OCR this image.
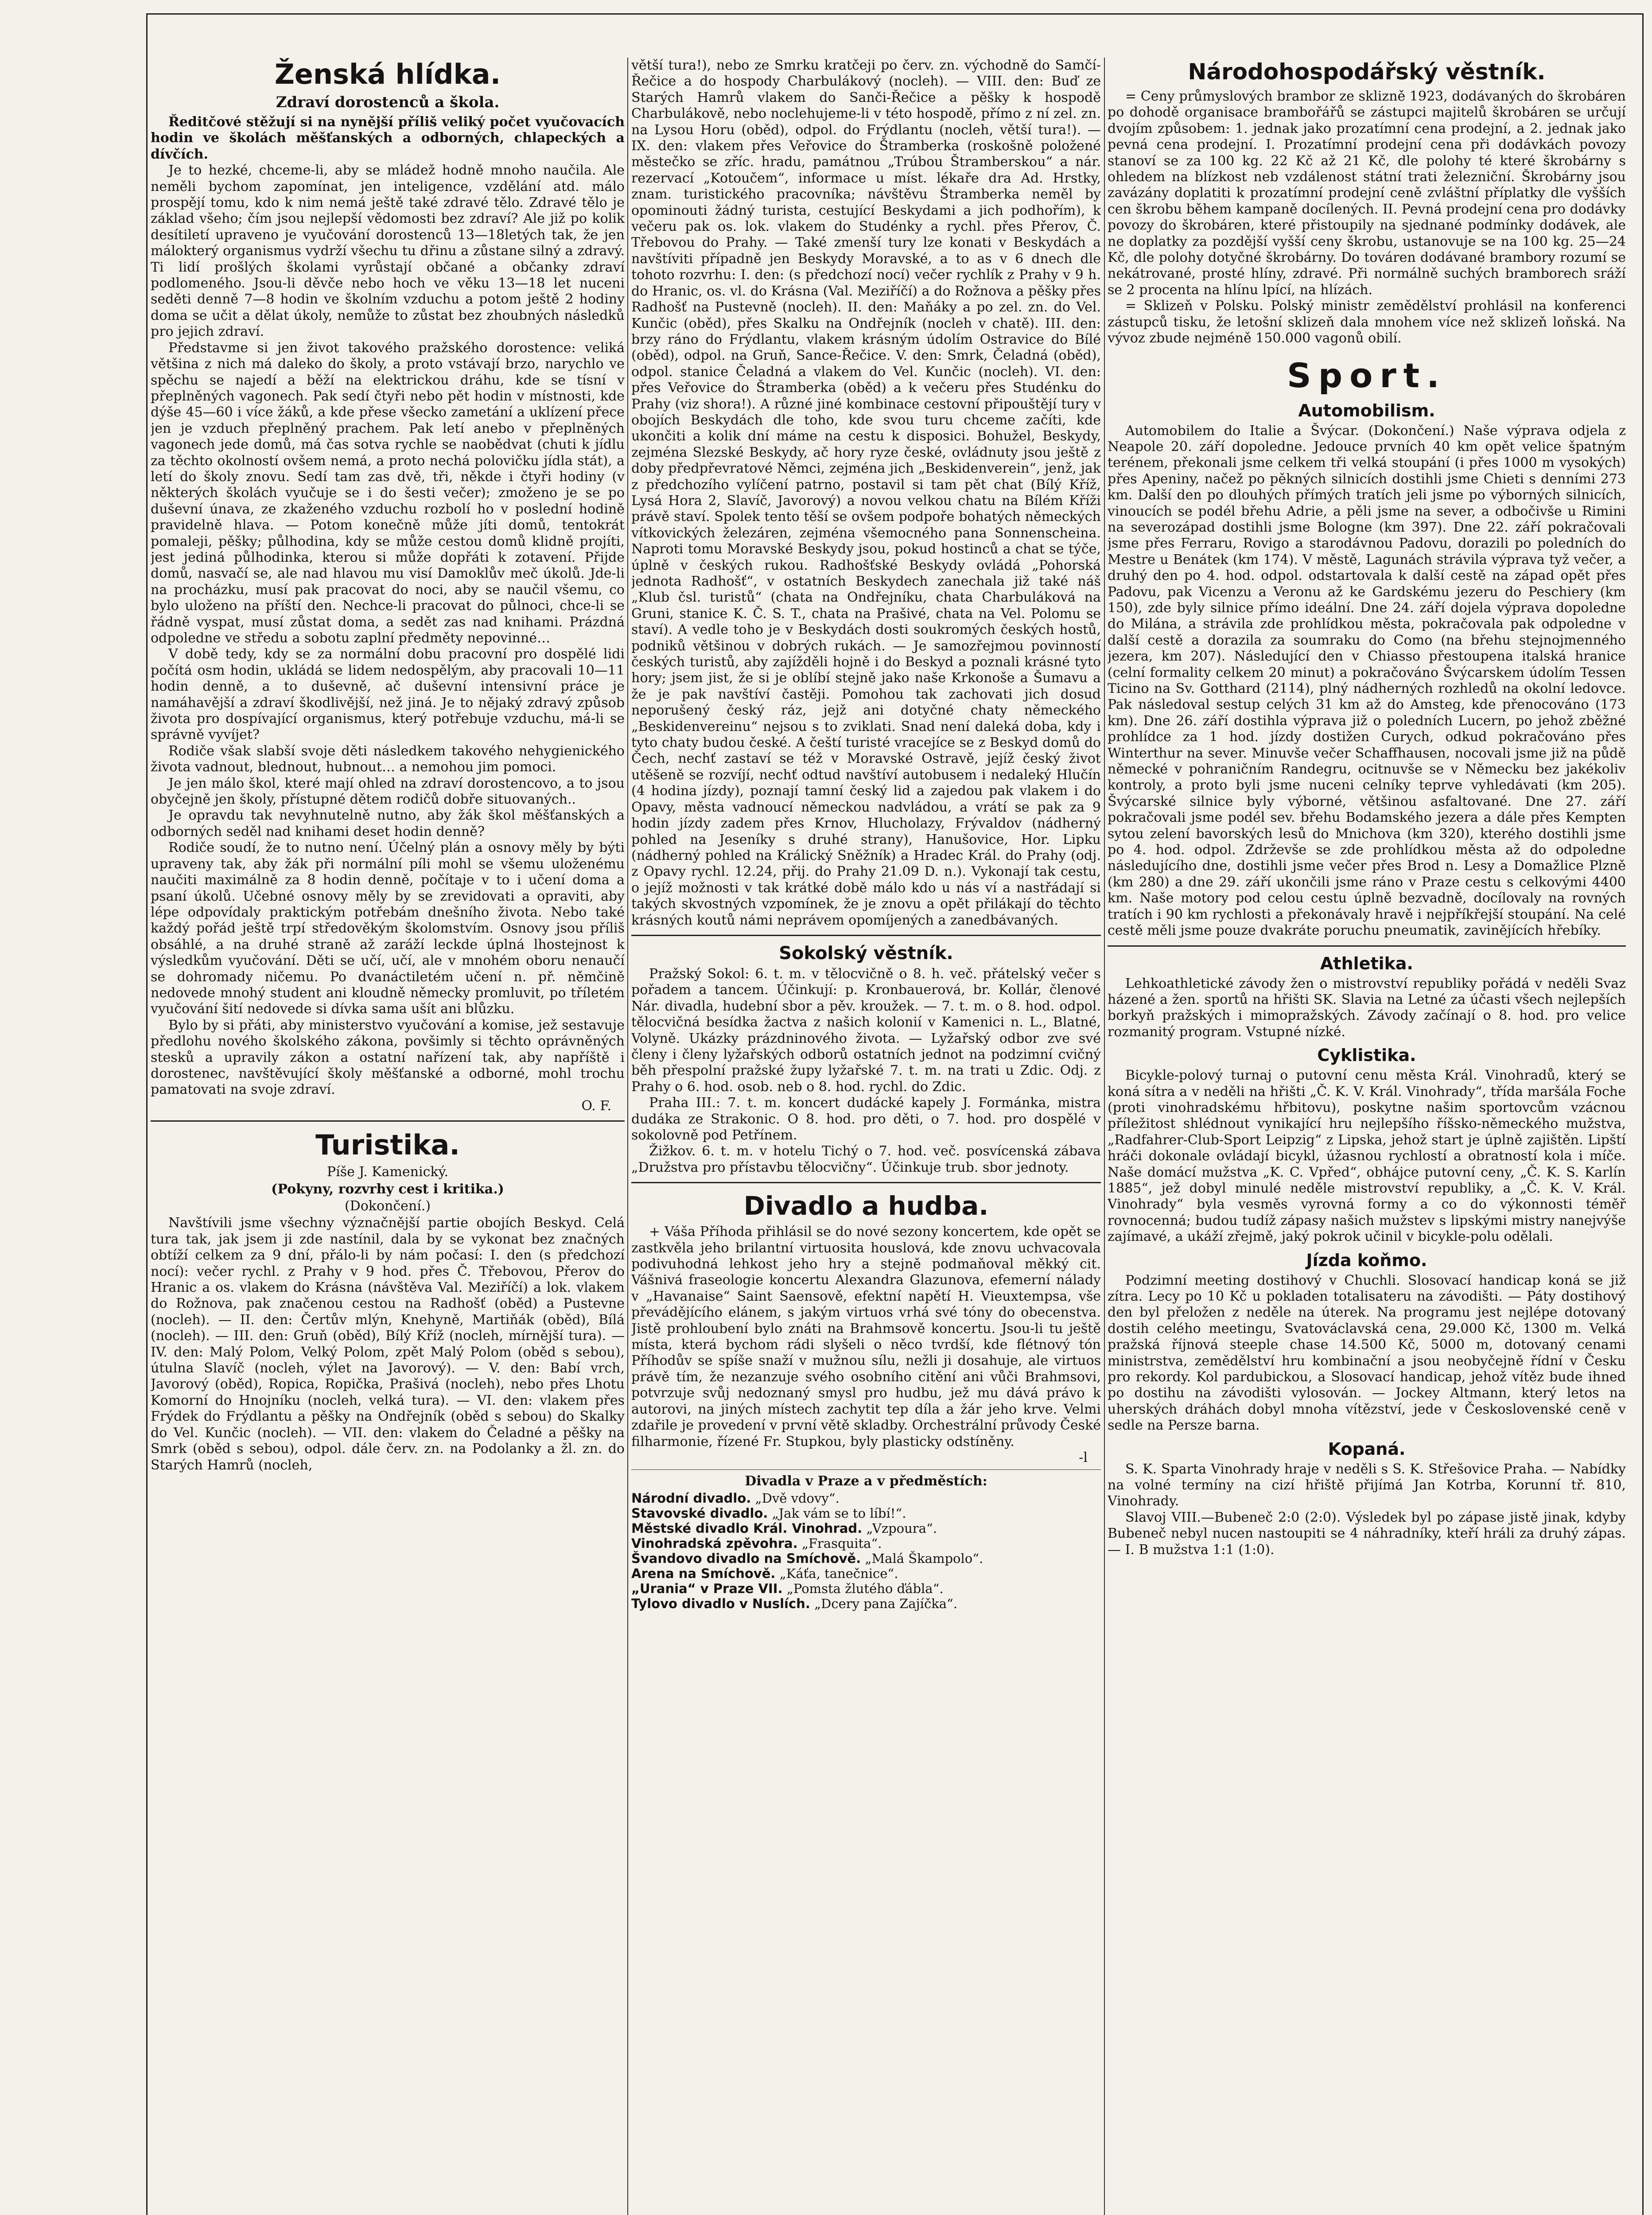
Ženská hlídka.
Zdraví dorostenců a škola.

Ředitčové stěžují si na nynější příliš veliký počet vyučovacích hodin ve školách měšťanských a odborných, chlapeckých a dívčích.

Je to hezké, chceme-li, aby se mládež hodně mnoho naučila. Ale neměli bychom zapomínat, jen inteligence, vzdělání atd. málo prospějí tomu, kdo k nim nemá ještě také zdravé tělo. Zdravé tělo je základ všeho; čím jsou nejlepší vědomosti bez zdraví? Ale již po kolik desítiletí upraveno je vyučování dorostenců 13—18letých tak, že jen málokterý organismus vydrží všechu tu dřinu a zůstane silný a zdravý. Ti lidí prošlých školami vyrůstají občané a občanky zdraví podlomeného. Jsou-li děvče nebo hoch ve věku 13—18 let nuceni seděti denně 7—8 hodin ve školním vzduchu a potom ještě 2 hodiny doma se učit a dělat úkoly, nemůže to zůstat bez zhoubných následků pro jejich zdraví.

Představme si jen život takového pražského dorostence: veliká většina z nich má daleko do školy, a proto vstávají brzo, narychlo ve spěchu se najedí a běží na elektrickou dráhu, kde se tísní v přeplněných vagonech. Pak sedí čtyři nebo pět hodin v místnosti, kde dýše 45—60 i více žáků, a kde přese všecko zametání a uklízení přece jen je vzduch přeplněný prachem. Pak letí anebo v přeplněných vagonech jede domů, má čas sotva rychle se naobědvat (chuti k jídlu za těchto okolností ovšem nemá, a proto nechá polovičku jídla stát), a letí do školy znovu. Sedí tam zas dvě, tři, někde i čtyři hodiny (v některých školách vyučuje se i do šesti večer); zmoženo je se po duševní únava, ze zkaženého vzduchu rozbolí ho v poslední hodině pravidelně hlava. — Potom konečně může jíti domů, tentokrát pomaleji, pěšky; půlhodina, kdy se může cestou domů klidně projíti, jest jediná půlhodinka, kterou si může dopřáti k zotavení. Přijde domů, nasvačí se, ale nad hlavou mu visí Damoklův meč úkolů. Jde-li na procházku, musí pak pracovat do noci, aby se naučil všemu, co bylo uloženo na příští den. Nechce-li pracovat do půlnoci, chce-li se řádně vyspat, musí zůstat doma, a sedět zas nad knihami. Prázdná odpoledne ve středu a sobotu zaplní předměty nepovinné…

V době tedy, kdy se za normální dobu pracovní pro dospělé lidi počítá osm hodin, ukládá se lidem nedospělým, aby pracovali 10—11 hodin denně, a to duševně, ač duševní intensivní práce je namáhavější a zdraví škodlivější, než jiná. Je to nějaký zdravý způsob života pro dospívající organismus, který potřebuje vzduchu, má-li se správně vyvíjet?

Rodiče však slabší svoje děti následkem takového nehygienického života vadnout, blednout, hubnout… a nemohou jim pomoci.

Je jen málo škol, které mají ohled na zdraví dorostencovo, a to jsou obyčejně jen školy, přístupné dětem rodičů dobře situovaných..

Je opravdu tak nevyhnutelně nutno, aby žák škol měšťanských a odborných seděl nad knihami deset hodin denně?

Rodiče soudí, že to nutno není. Účelný plán a osnovy měly by býti upraveny tak, aby žák při normální píli mohl se všemu uloženému naučiti maximálně za 8 hodin denně, počítaje v to i učení doma a psaní úkolů. Učebné osnovy měly by se zrevidovati a opraviti, aby lépe odpovídaly praktickým potřebám dnešního života. Nebo také každý pořád ještě trpí středověkým školomstvím. Osnovy jsou příliš obsáhlé, a na druhé straně až zaráží leckde úplná lhostejnost k výsledkům vyučování. Děti se učí, učí, ale v mnohém oboru nenaučí se dohromady ničemu. Po dvanáctiletém učení n. př. němčině nedovede mnohý student ani kloudně německy promluvit, po tříletém vyučování šití nedovede si dívka sama ušít ani blůzku.

Bylo by si přáti, aby ministerstvo vyučování a komise, jež sestavuje předlohu nového školského zákona, povšimly si těchto oprávněných stesků a upravily zákon a ostatní nařízení tak, aby napříště i dorostenec, navštěvující školy měšťanské a odborné, mohl trochu pamatovati na svoje zdraví.

O. F.
Turistika.
Píše J. Kamenický.
(Pokyny, rozvrhy cest i kritika.)
(Dokončení.)

Navštívili jsme všechny význačnější partie obojích Beskyd. Celá tura tak, jak jsem ji zde nastínil, dala by se vykonat bez značných obtíží celkem za 9 dní, přálo-li by nám počasí: I. den (s předchozí nocí): večer rychl. z Prahy v 9 hod. přes Č. Třebovou, Přerov do Hranic a os. vlakem do Krásna (návštěva Val. Meziříčí) a lok. vlakem do Rožnova, pak značenou cestou na Radhošť (oběd) a Pustevne (nocleh). — II. den: Čertův mlýn, Knehyně, Martiňák (oběd), Bílá (nocleh). — III. den: Gruň (oběd), Bílý Kříž (nocleh, mírnější tura). — IV. den: Malý Polom, Velký Polom, zpět Malý Polom (oběd s sebou), útulna Slavíč (nocleh, výlet na Javorový). — V. den: Babí vrch, Javorový (oběd), Ropica, Ropička, Prašivá (nocleh), nebo přes Lhotu Komorní do Hnojníku (nocleh, velká tura). — VI. den: vlakem přes Frýdek do Frýdlantu a pěšky na Ondřejník (oběd s sebou) do Skalky do Vel. Kunčic (nocleh). — VII. den: vlakem do Čeladné a pěšky na Smrk (oběd s sebou), odpol. dále červ. zn. na Podolanky a žl. zn. do Starých Hamrů (nocleh,

větší tura!), nebo ze Smrku kratčeji po červ. zn. východně do Samčí-Řečice a do hospody Charbulákový (nocleh). — VIII. den: Buď ze Starých Hamrů vlakem do Sanči-Řečice a pěšky k hospodě Charbulákově, nebo noclehujeme-li v této hospodě, přímo z ní zel. zn. na Lysou Horu (oběd), odpol. do Frýdlantu (nocleh, větší tura!). — IX. den: vlakem přes Veřovice do Štramberka (roskošně položené městečko se zříc. hradu, památnou „Trúbou Štramberskou“ a nár. rezervací „Kotoučem“, informace u míst. lékaře dra Ad. Hrstky, znam. turistického pracovníka; návštěvu Štramberka neměl by opominouti žádný turista, cestující Beskydami a jich podhořím), k večeru pak os. lok. vlakem do Studénky a rychl. přes Přerov, Č. Třebovou do Prahy. — Také zmenší tury lze konati v Beskydách a navštíviti případně jen Beskydy Moravské, a to as v 6 dnech dle tohoto rozvrhu: I. den: (s předchozí nocí) večer rychlík z Prahy v 9 h. do Hranic, os. vl. do Krásna (Val. Meziříčí) a do Rožnova a pěšky přes Radhošť na Pustevně (nocleh). II. den: Maňáky a po zel. zn. do Vel. Kunčic (oběd), přes Skalku na Ondřejník (nocleh v chatě). III. den: brzy ráno do Frýdlantu, vlakem krásným údolím Ostravice do Bílé (oběd), odpol. na Gruň, Sance-Řečice. V. den: Smrk, Čeladná (oběd), odpol. stanice Čeladná a vlakem do Vel. Kunčic (nocleh). VI. den: přes Veřovice do Štramberka (oběd) a k večeru přes Studénku do Prahy (viz shora!). A různé jiné kombinace cestovní připouštějí tury v obojích Beskydách dle toho, kde svou turu chceme začíti, kde ukončiti a kolik dní máme na cestu k disposici. Bohužel, Beskydy, zejména Slezské Beskydy, ač hory ryze české, ovládnuty jsou ještě z doby předpřevratové Němci, zejména jich „Beskidenverein“, jenž, jak z předchozího vylíčení patrno, postavil si tam pět chat (Bílý Kříž, Lysá Hora 2, Slavíč, Javorový) a novou velkou chatu na Bílém Kříži právě staví. Spolek tento těší se ovšem podpoře bohatých německých vítkovických železáren, zejména všemocného pana Sonnenscheina. Naproti tomu Moravské Beskydy jsou, pokud hostinců a chat se týče, úplně v českých rukou. Radhošťské Beskydy ovládá „Pohorská jednota Radhošť“, v ostatních Beskydech zanechala již také náš „Klub čsl. turistů“ (chata na Ondřejníku, chata Charbuláková na Gruni, stanice K. Č. S. T., chata na Prašivé, chata na Vel. Polomu se staví). A vedle toho je v Beskydách dosti soukromých českých hostů, podniků většinou v dobrých rukách. — Je samozřejmou povinností českých turistů, aby zajížděli hojně i do Beskyd a poznali krásné tyto hory; jsem jist, že si je oblíbí stejně jako naše Krkonoše a Šumavu a že je pak navštíví častěji. Pomohou tak zachovati jich dosud neporušený český ráz, jejž ani dotyčné chaty německého „Beskidenvereinu“ nejsou s to zviklati. Snad není daleká doba, kdy i tyto chaty budou české. A čeští turisté vracejíce se z Beskyd domů do Čech, nechť zastaví se též v Moravské Ostravě, jejíž český život utěšeně se rozvíjí, nechť odtud navštíví autobusem i nedaleký Hlučín (4 hodina jízdy), poznají tamní český lid a zajedou pak vlakem i do Opavy, města vadnoucí německou nadvládou, a vrátí se pak za 9 hodin jízdy zadem přes Krnov, Hlucholazy, Frývaldov (nádherný pohled na Jeseníky s druhé strany), Hanušovice, Hor. Lipku (nádherný pohled na Králický Sněžník) a Hradec Král. do Prahy (odj. z Opavy rychl. 12.24, přij. do Prahy 21.09 D. n.). Vykonají tak cestu, o jejíž možnosti v tak krátké době málo kdo u nás ví a nastřádají si takých skvostných vzpomínek, že je znovu a opět přilákají do těchto krásných koutů námi neprávem opomíjených a zanedbávaných.

Sokolský věstník.

Pražský Sokol: 6. t. m. v tělocvičně o 8. h. več. přátelský večer s pořadem a tancem. Účinkují: p. Kronbauerová, br. Kollár, členové Nár. divadla, hudební sbor a pěv. kroužek. — 7. t. m. o 8. hod. odpol. tělocvičná besídka žactva z našich kolonií v Kamenici n. L., Blatné, Volyně. Ukázky prázdninového života. — Lyžařský odbor zve své členy i členy lyžařských odborů ostatních jednot na podzimní cvičný běh přespolní pražské župy lyžařské 7. t. m. na trati u Zdic. Odj. z Prahy o 6. hod. osob. neb o 8. hod. rychl. do Zdic.

Praha III.: 7. t. m. koncert dudácké kapely J. Formánka, mistra dudáka ze Strakonic. O 8. hod. pro děti, o 7. hod. pro dospělé v sokolovně pod Petřínem.

Žižkov. 6. t. m. v hotelu Tichý o 7. hod. več. posvícenská zábava „Družstva pro přístavbu tělocvičny“. Účinkuje trub. sbor jednoty.

Divadlo a hudba.

+ Váša Příhoda přihlásil se do nové sezony koncertem, kde opět se zastkvěla jeho brilantní virtuosita houslová, kde znovu uchvacovala podivuhodná lehkost jeho hry a stejně podmaňoval měkký cit. Vášnivá fraseologie koncertu Alexandra Glazunova, efemerní nálady v „Havanaise“ Saint Saensově, efektní napětí H. Vieuxtempsa, vše převádějícího elánem, s jakým virtuos vrhá své tóny do obecenstva. Jistě prohloubení bylo znáti na Brahmsově koncertu. Jsou-li tu ještě místa, která bychom rádi slyšeli o něco tvrdší, kde flétnový tón Příhodův se spíše snaží v mužnou sílu, nežli ji dosahuje, ale virtuos právě tím, že nezanzuje svého osobního citění ani vůči Brahmsovi, potvrzuje svůj nedoznaný smysl pro hudbu, jež mu dává právo k autorovi, na jiných místech zachytit tep díla a žár jeho krve. Velmi zdařile je provedení v první větě skladby. Orchestrální průvody České filharmonie, řízené Fr. Stupkou, byly plasticky odstíněny.

-l
Divadla v Praze a v předměstích:

Národní divadlo. „Dvě vdovy“.

Stavovské divadlo. „Jak vám se to líbí!“.

Městské divadlo Král. Vinohrad. „Vzpoura“.

Vinohradská zpěvohra. „Frasquita“.

Švandovo divadlo na Smíchově. „Malá Škampolo“.

Arena na Smíchově. „Káťa, tanečnice“.

„Urania“ v Praze VII. „Pomsta žlutého ďábla“.

Tylovo divadlo v Nuslích. „Dcery pana Zajíčka“.

Národohospodářský věstník.

= Ceny průmyslových brambor ze sklizně 1923, dodávaných do škrobáren po dohodě organisace brambořářů se zástupci majitelů škrobáren se určují dvojím způsobem: 1. jednak jako prozatímní cena prodejní, a 2. jednak jako pevná cena prodejní. I. Prozatímní prodejní cena při dodávkách povozy stanoví se za 100 kg. 22 Kč až 21 Kč, dle polohy té které škrobárny s ohledem na blízkost neb vzdálenost státní trati železniční. Škrobárny jsou zavázány doplatiti k prozatímní prodejní ceně zvláštní příplatky dle vyšších cen škrobu během kampaně docílených. II. Pevná prodejní cena pro dodávky povozy do škrobáren, které přistoupily na sjednané podmínky dodávek, ale ne doplatky za pozdější vyšší ceny škrobu, ustanovuje se na 100 kg. 25—24 Kč, dle polohy dotyčné škrobárny. Do továren dodávané brambory rozumí se nekátrované, prosté hlíny, zdravé. Při normálně suchých bramborech sráží se 2 procenta na hlínu lpící, na hlízách.

= Sklizeň v Polsku. Polský ministr zemědělství prohlásil na konferenci zástupců tisku, že letošní sklizeň dala mnohem více než sklizeň loňská. Na vývoz zbude nejméně 150.000 vagonů obilí.

Sport.
Automobilism.

Automobilem do Italie a Švýcar. (Dokončení.) Naše výprava odjela z Neapole 20. září dopoledne. Jedouce prvních 40 km opět velice špatným terénem, překonali jsme celkem tři velká stoupání (i přes 1000 m vysokých) přes Apeniny, načež po pěkných silnicích dostihli jsme Chieti s denními 273 km. Další den po dlouhých přímých tratích jeli jsme po výborných silnicích, vinoucích se podél břehu Adrie, a pěli jsme na sever, a odbočivše u Rimini na severozápad dostihli jsme Bologne (km 397). Dne 22. září pokračovali jsme přes Ferraru, Rovigo a starodávnou Padovu, dorazili po poledních do Mestre u Benátek (km 174). V městě, Lagunách strávila výprava tyž večer, a druhý den po 4. hod. odpol. odstartovala k další cestě na západ opět přes Padovu, pak Vicenzu a Veronu až ke Gardskému jezeru do Peschiery (km 150), zde byly silnice přímo ideální. Dne 24. září dojela výprava dopoledne do Milána, a strávila zde prohlídkou města, pokračovala pak odpoledne v další cestě a dorazila za soumraku do Como (na břehu stejnojmenného jezera, km 207). Následující den v Chiasso přestoupena italská hranice (celní formality celkem 20 minut) a pokračováno Švýcarskem údolím Tessen Ticino na Sv. Gotthard (2114), plný nádherných rozhledů na okolní ledovce. Pak následoval sestup celých 31 km až do Amsteg, kde přenocováno (173 km). Dne 26. září dostihla výprava již o poledních Lucern, po jehož zběžné prohlídce za 1 hod. jízdy dostižen Curych, odkud pokračováno přes Winterthur na sever. Minuvše večer Schaffhausen, nocovali jsme již na půdě německé v pohraničním Randegru, ocitnuvše se v Německu bez jakékoliv kontroly, a proto byli jsme nuceni celníky teprve vyhledávati (km 205). Švýcarské silnice byly výborné, většinou asfaltované. Dne 27. září pokračovali jsme podél sev. břehu Bodamského jezera a dále přes Kempten sytou zelení bavorských lesů do Mnichova (km 320), kterého dostihli jsme po 4. hod. odpol. Zdrževše se zde prohlídkou města až do odpoledne následujícího dne, dostihli jsme večer přes Brod n. Lesy a Domažlice Plzně (km 280) a dne 29. září ukončili jsme ráno v Praze cestu s celkovými 4400 km. Naše motory pod celou cestu úplně bezvadně, docílovaly na rovných tratích i 90 km rychlosti a překonávaly hravě i nejpříkřejší stoupání. Na celé cestě měli jsme pouze dvakráte poruchu pneumatik, zavinějících hřebíky.

Athletika.

Lehkoathletické závody žen o mistrovství republiky pořádá v neděli Svaz házené a žen. sportů na hřišti SK. Slavia na Letné za účasti všech nejlepších borkyň pražských i mimopražských. Závody začínají o 8. hod. pro velice rozmanitý program. Vstupné nízké.

Cyklistika.

Bicykle-polový turnaj o putovní cenu města Král. Vinohradů, který se koná sítra a v neděli na hřišti „Č. K. V. Král. Vinohrady“, třída maršála Foche (proti vinohradskému hřbitovu), poskytne našim sportovcům vzácnou příležitost shlédnout vynikající hru nejlepšího říšsko-německého mužstva, „Radfahrer-Club-Sport Leipzig“ z Lipska, jehož start je úplně zajištěn. Lipští hráči dokonale ovládají bicykl, úžasnou rychlostí a obratností kola i míče. Naše domácí mužstva „K. C. Vpřed“, obhájce putovní ceny, „Č. K. S. Karlín 1885“, jež dobyl minulé neděle mistrovství republiky, a „Č. K. V. Král. Vinohrady“ byla vesměs vyrovná formy a co do výkonnosti téměř rovnocenná; budou tudíž zápasy našich mužstev s lipskými mistry nanejvýše zajímavé, a ukáží zřejmě, jaký pokrok učinil v bicykle-polu odělali.

Jízda koňmo.

Podzimní meeting dostihový v Chuchli. Slosovací handicap koná se již zítra. Lecy po 10 Kč u pokladen totalisateru na závodišti. — Páty dostihový den byl přeložen z neděle na úterek. Na programu jest nejlépe dotovaný dostih celého meetingu, Svatováclavská cena, 29.000 Kč, 1300 m. Velká pražská říjnová steeple chase 14.500 Kč, 5000 m, dotovaný cenami ministrstva, zemědělství hru kombinační a jsou neobyčejně řídní v Česku pro rekordy. Kol pardubickou, a Slosovací handicap, jehož vítěz bude ihned po dostihu na závodišti vylosován. — Jockey Altmann, který letos na uherských dráhách dobyl mnoha vítězství, jede v Československé ceně v sedle na Persze barna.

Kopaná.

S. K. Sparta Vinohrady hraje v neděli s S. K. Střešovice Praha. — Nabídky na volné termíny na cizí hřiště přijímá Jan Kotrba, Korunní tř. 810, Vinohrady.

Slavoj VIII.—Bubeneč 2:0 (2:0). Výsledek byl po zápase jistě jinak, kdyby Bubeneč nebyl nucen nastoupiti se 4 náhradníky, kteří hráli za druhý zápas. — I. B mužstva 1:1 (1:0).
